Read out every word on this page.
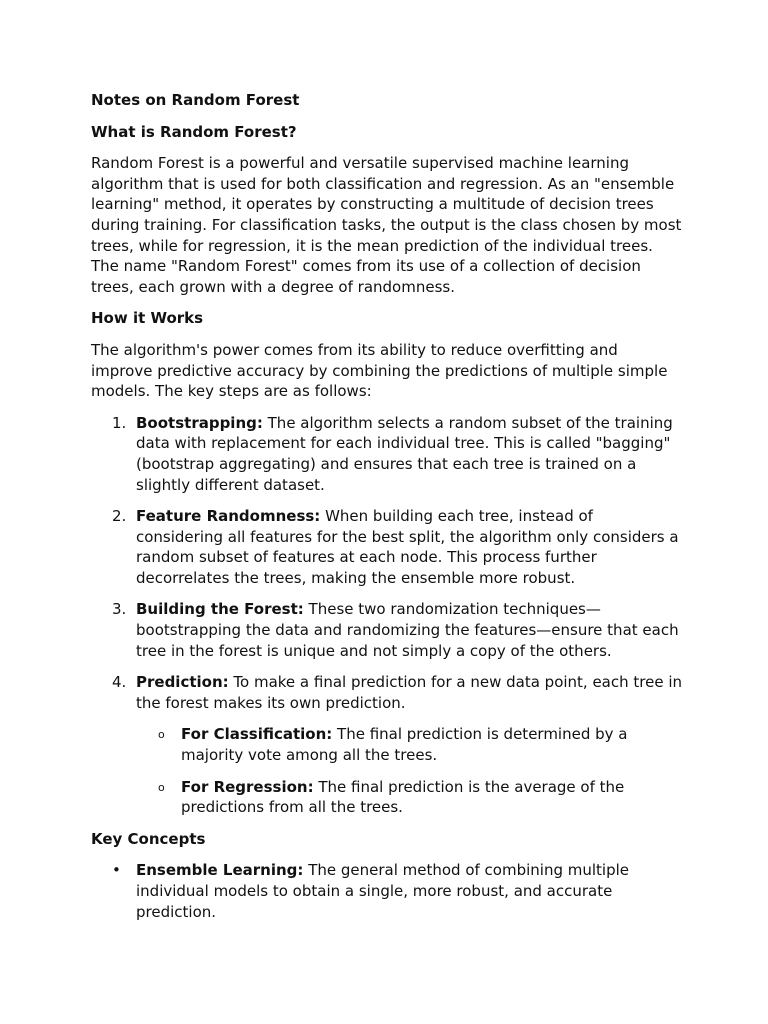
Notes on Random Forest
What is Random Forest?

Random Forest is a powerful and versatile supervised machine learning algorithm that is used for both classification and regression. As an "ensemble learning" method, it operates by constructing a multitude of decision trees during training. For classification tasks, the output is the class chosen by most trees, while for regression, it is the mean prediction of the individual trees. The name "Random Forest" comes from its use of a collection of decision trees, each grown with a degree of randomness.

How it Works

The algorithm's power comes from its ability to reduce overfitting and improve predictive accuracy by combining the predictions of multiple simple models. The key steps are as follows:

1. Bootstrapping: The algorithm selects a random subset of the training data with replacement for each individual tree. This is called "bagging" (bootstrap aggregating) and ensures that each tree is trained on a slightly different dataset.
2. Feature Randomness: When building each tree, instead of considering all features for the best split, the algorithm only considers a random subset of features at each node. This process further decorrelates the trees, making the ensemble more robust.
3. Building the Forest: These two randomization techniques—bootstrapping the data and randomizing the features—ensure that each tree in the forest is unique and not simply a copy of the others.
4. Prediction: To make a final prediction for a new data point, each tree in the forest makes its own prediction.
o For Classification: The final prediction is determined by a majority vote among all the trees.
o For Regression: The final prediction is the average of the predictions from all the trees.
Key Concepts
• Ensemble Learning: The general method of combining multiple individual models to obtain a single, more robust, and accurate prediction.
